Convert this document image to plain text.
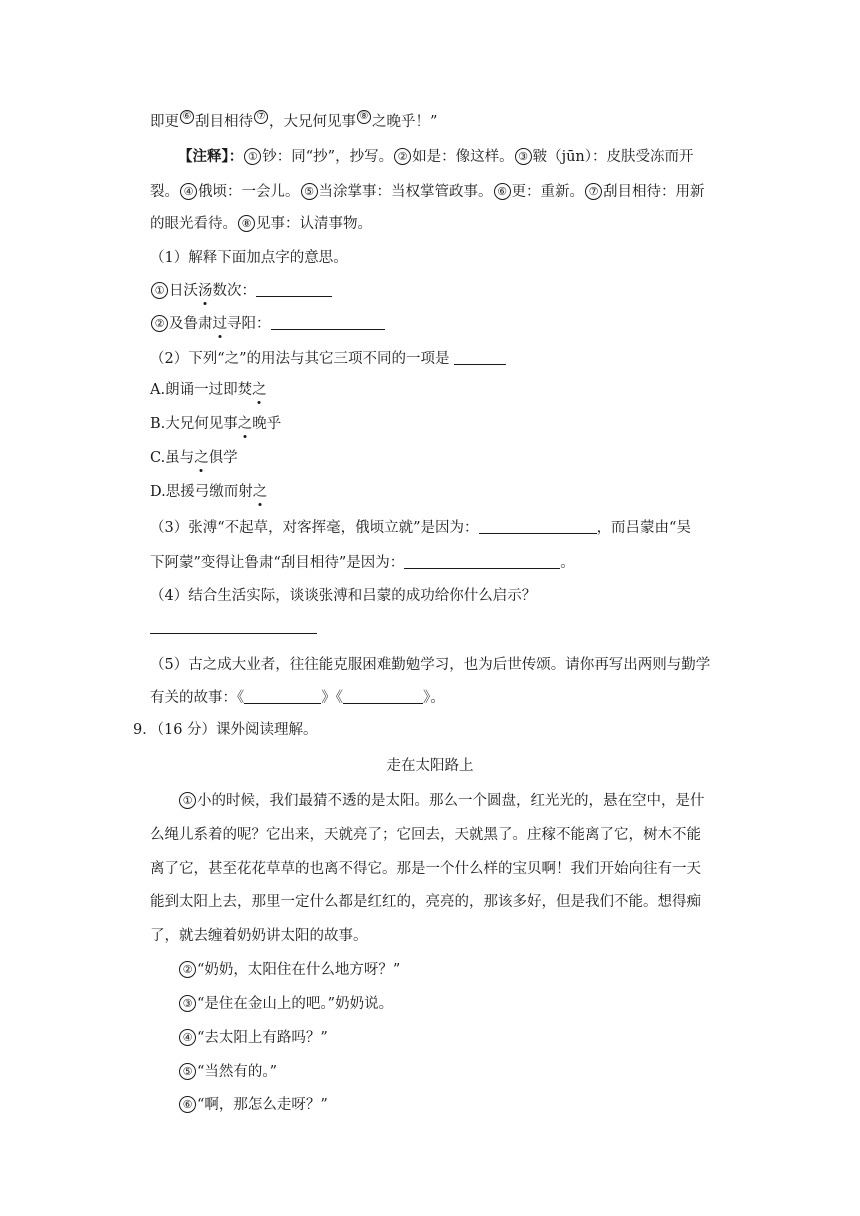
即更 ⑥ 刮目相待 ⑦ ，大兄何见事 ⑧ 之晚乎！”
【注释】： ① 钞：同“抄”，抄写。 ② 如是：像这样。 ③ 皲（jūn）：皮肤受冻而开
裂。 ④ 俄顷：一会儿。 ⑤ 当涂掌事：当权掌管政事。 ⑥ 更：重新。 ⑦ 刮目相待：用新
的眼光看待。 ⑧ 见事：认清事物。
（1）解释下面加点字的意思。
① 日沃汤数次：
② 及鲁肃过寻阳：
（2）下列“之”的用法与其它三项不同的一项是
A.朗诵一过即焚之
B.大兄何见事之晚乎
C.虽与之俱学
D.思援弓缴而射之
（3）张溥“不起草，对客挥毫，俄顷立就”是因为：	，而吕蒙由“吴
下阿蒙”变得让鲁肃“刮目相待”是因为：	。
（4）结合生活实际，谈谈张溥和吕蒙的成功给你什么启示？
（5）古之成大业者，往往能克服困难勤勉学习，也为后世传颂。请你再写出两则与勤学
有关的故事：《	》《	》。
9．（16 分）课外阅读理解。
走在太阳路上
① 小的时候，我们最猜不透的是太阳。那么一个圆盘，红光光的，悬在空中，是什
么绳儿系着的呢？它出来，天就亮了；它回去，天就黑了。庄稼不能离了它，树木不能
离了它，甚至花花草草的也离不得它。那是一个什么样的宝贝啊！我们开始向往有一天
能到太阳上去，那里一定什么都是红红的，亮亮的，那该多好，但是我们不能。想得痴
了，就去缠着奶奶讲太阳的故事。
② “奶奶，太阳住在什么地方呀？”
③ “是住在金山上的吧。”奶奶说。
④ “去太阳上有路吗？”
⑤ “当然有的。”
⑥ “啊，那怎么走呀？”
